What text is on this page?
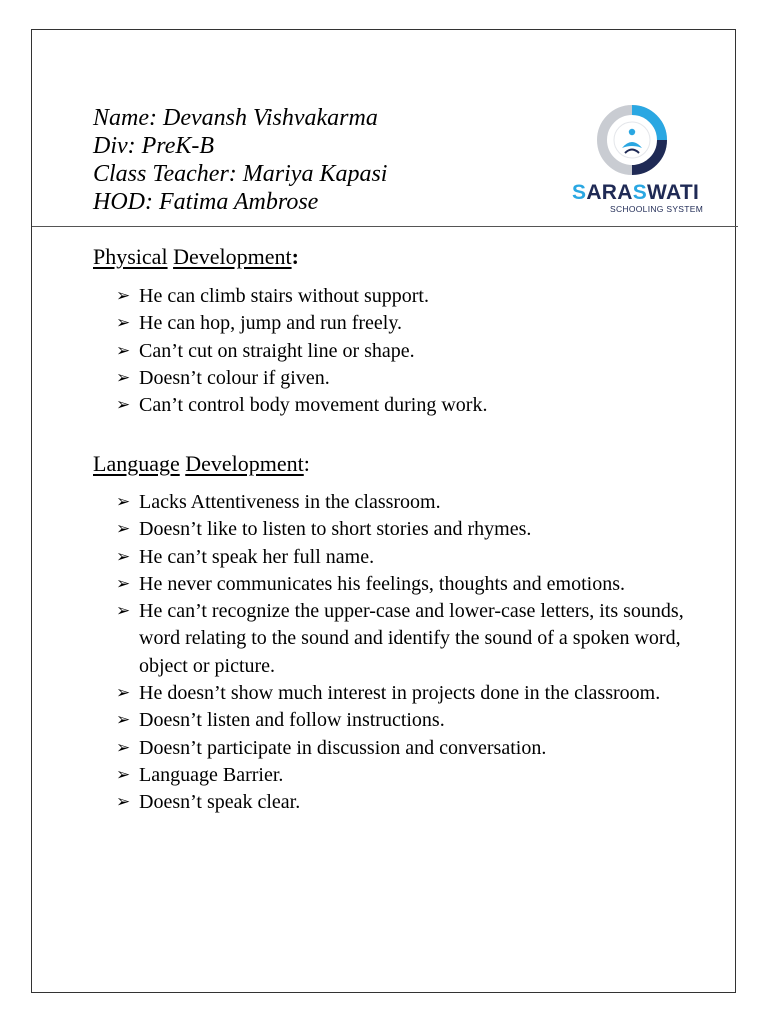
Name: Devansh Vishvakarma
Div: PreK-B
Class Teacher: Mariya Kapasi
HOD: Fatima Ambrose	SARASWATI
SCHOOLING SYSTEM
Physical Development:
➢ He can climb stairs without support.
➢ He can hop, jump and run freely.
➢ Can’t cut on straight line or shape.
➢ Doesn’t colour if given.
➢ Can’t control body movement during work.
Language Development:
➢ Lacks Attentiveness in the classroom.
➢ Doesn’t like to listen to short stories and rhymes.
➢ He can’t speak her full name.
➢ He never communicates his feelings, thoughts and emotions.
➢ He can’t recognize the upper-case and lower-case letters, its sounds, word relating to the sound and identify the sound of a spoken word, object or picture.
➢ He doesn’t show much interest in projects done in the classroom.
➢ Doesn’t listen and follow instructions.
➢ Doesn’t participate in discussion and conversation.
➢ Language Barrier.
➢ Doesn’t speak clear.
